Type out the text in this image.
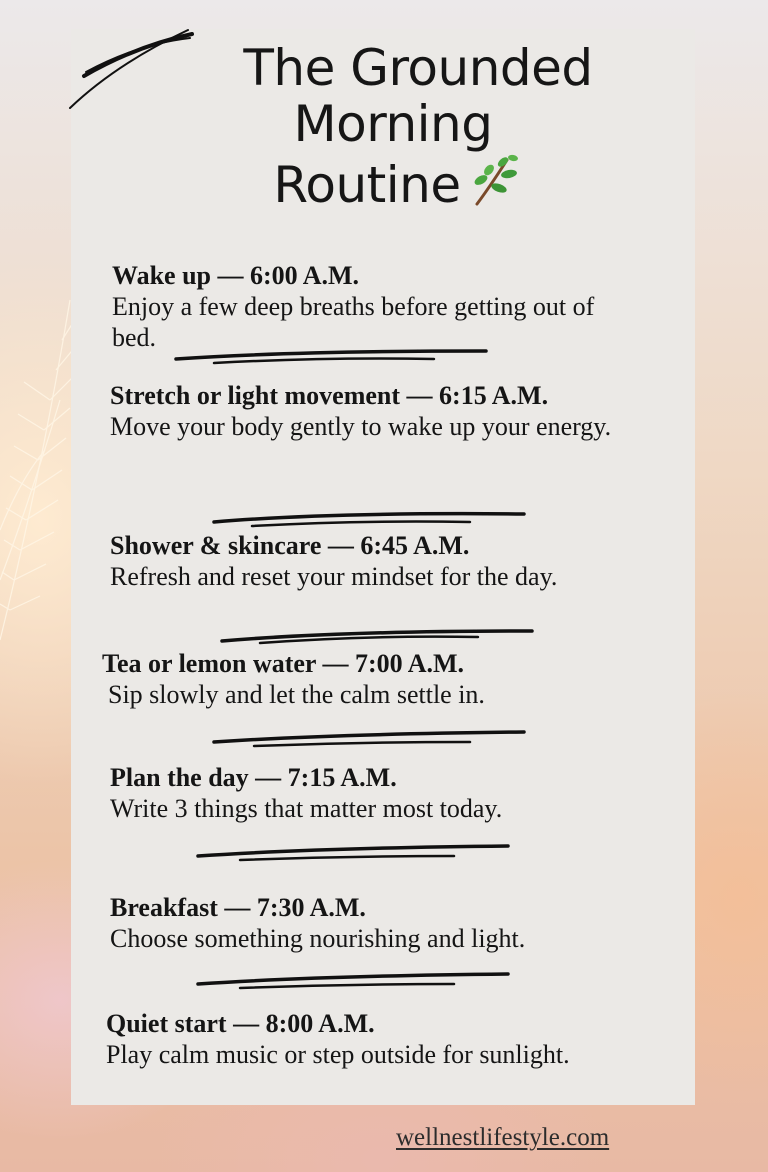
The Grounded
Morning
Routine
Wake up — 6:00 A.M.
Enjoy a few deep breaths before getting out of bed.
Stretch or light movement — 6:15 A.M.
Move your body gently to wake up your energy.
Shower & skincare — 6:45 A.M.
Refresh and reset your mindset for the day.
Tea or lemon water — 7:00 A.M.
Sip slowly and let the calm settle in.
Plan the day — 7:15 A.M.
Write 3 things that matter most today.
Breakfast — 7:30 A.M.
Choose something nourishing and light.
Quiet start — 8:00 A.M.
Play calm music or step outside for sunlight.
wellnestlifestyle.com
